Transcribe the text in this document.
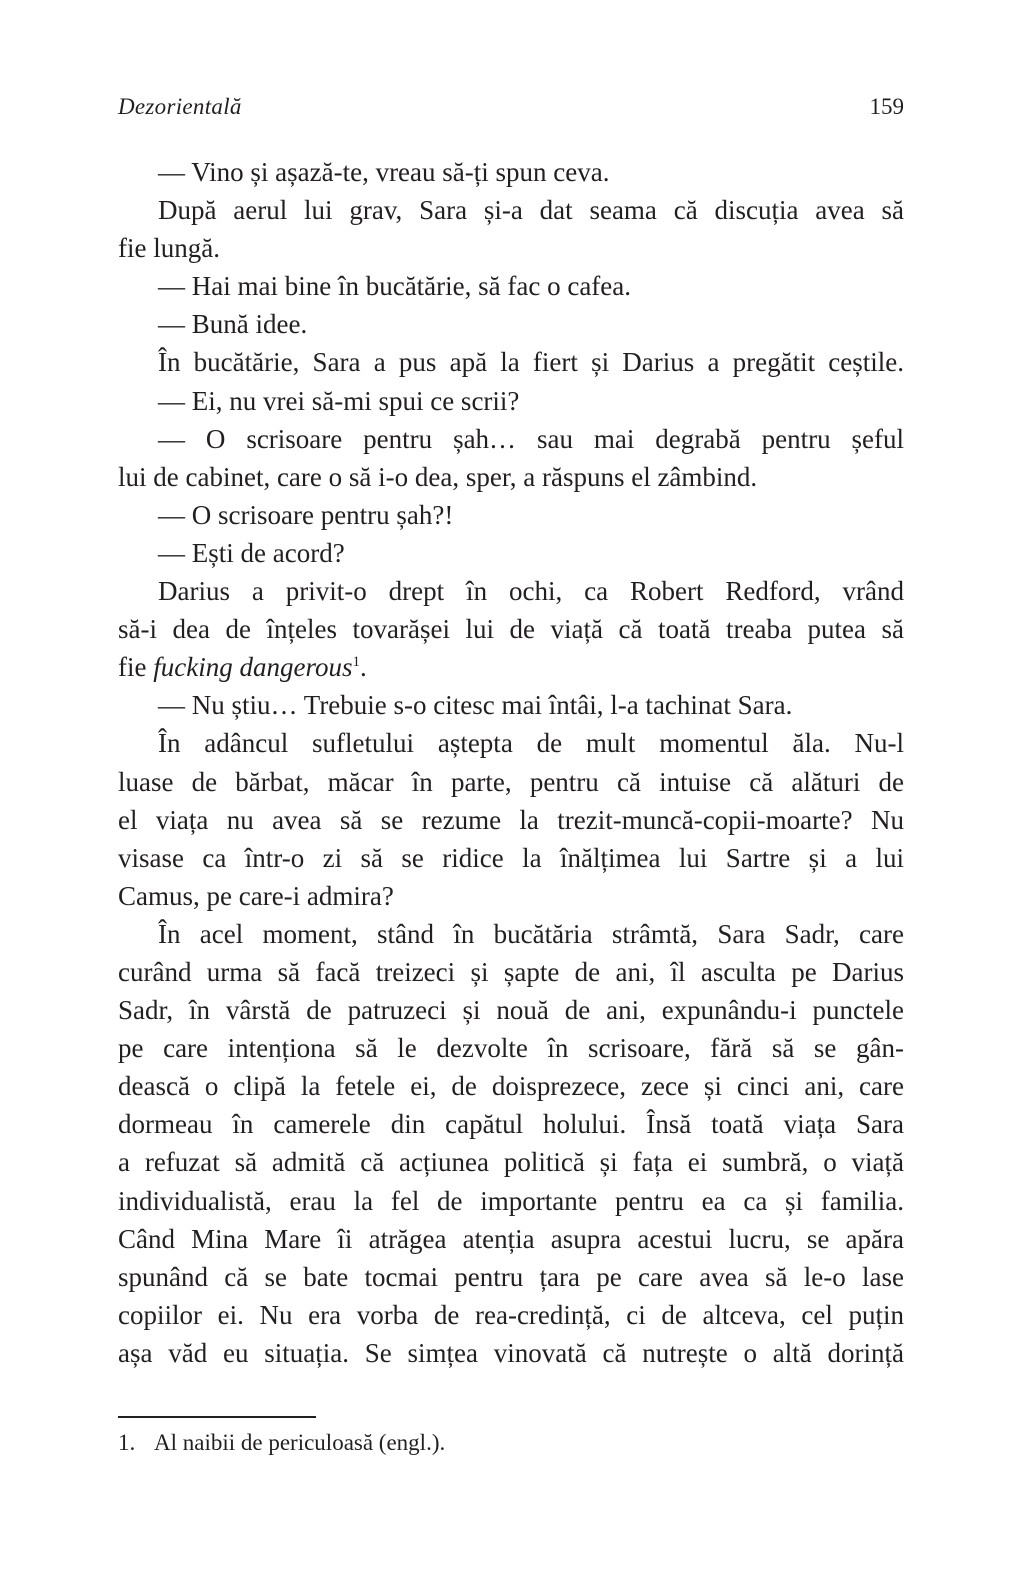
Dezorientală	159
— Vino și așază-te, vreau să-ți spun ceva.
După aerul lui grav, Sara și-a dat seama că discuția avea să
fie lungă.
— Hai mai bine în bucătărie, să fac o cafea.
— Bună idee.
În bucătărie, Sara a pus apă la fiert și Darius a pregătit ceștile.
— Ei, nu vrei să-mi spui ce scrii?
— O scrisoare pentru șah… sau mai degrabă pentru șeful
lui de cabinet, care o să i-o dea, sper, a răspuns el zâmbind.
— O scrisoare pentru șah?!
— Ești de acord?
Darius a privit-o drept în ochi, ca Robert Redford, vrând
să-i dea de înțeles tovarășei lui de viață că toată treaba putea să
fie fucking dangerous$^1$.
— Nu știu… Trebuie s-o citesc mai întâi, l-a tachinat Sara.
În adâncul sufletului aștepta de mult momentul ăla. Nu-l
luase de bărbat, măcar în parte, pentru că intuise că alături de
el viața nu avea să se rezume la trezit-muncă-copii-moarte? Nu
visase ca într-o zi să se ridice la înălțimea lui Sartre și a lui
Camus, pe care-i admira?
În acel moment, stând în bucătăria strâmtă, Sara Sadr, care
curând urma să facă treizeci și șapte de ani, îl asculta pe Darius
Sadr, în vârstă de patruzeci și nouă de ani, expunându-i punctele
pe care intenționa să le dezvolte în scrisoare, fără să se gân-
dească o clipă la fetele ei, de doisprezece, zece și cinci ani, care
dormeau în camerele din capătul holului. Însă toată viața Sara
a refuzat să admită că acțiunea politică și fața ei sumbră, o viață
individualistă, erau la fel de importante pentru ea ca și familia.
Când Mina Mare îi atrăgea atenția asupra acestui lucru, se apăra
spunând că se bate tocmai pentru țara pe care avea să le-o lase
copiilor ei. Nu era vorba de rea-credință, ci de altceva, cel puțin
așa văd eu situația. Se simțea vinovată că nutrește o altă dorință
1. Al naibii de periculoasă (engl.).
